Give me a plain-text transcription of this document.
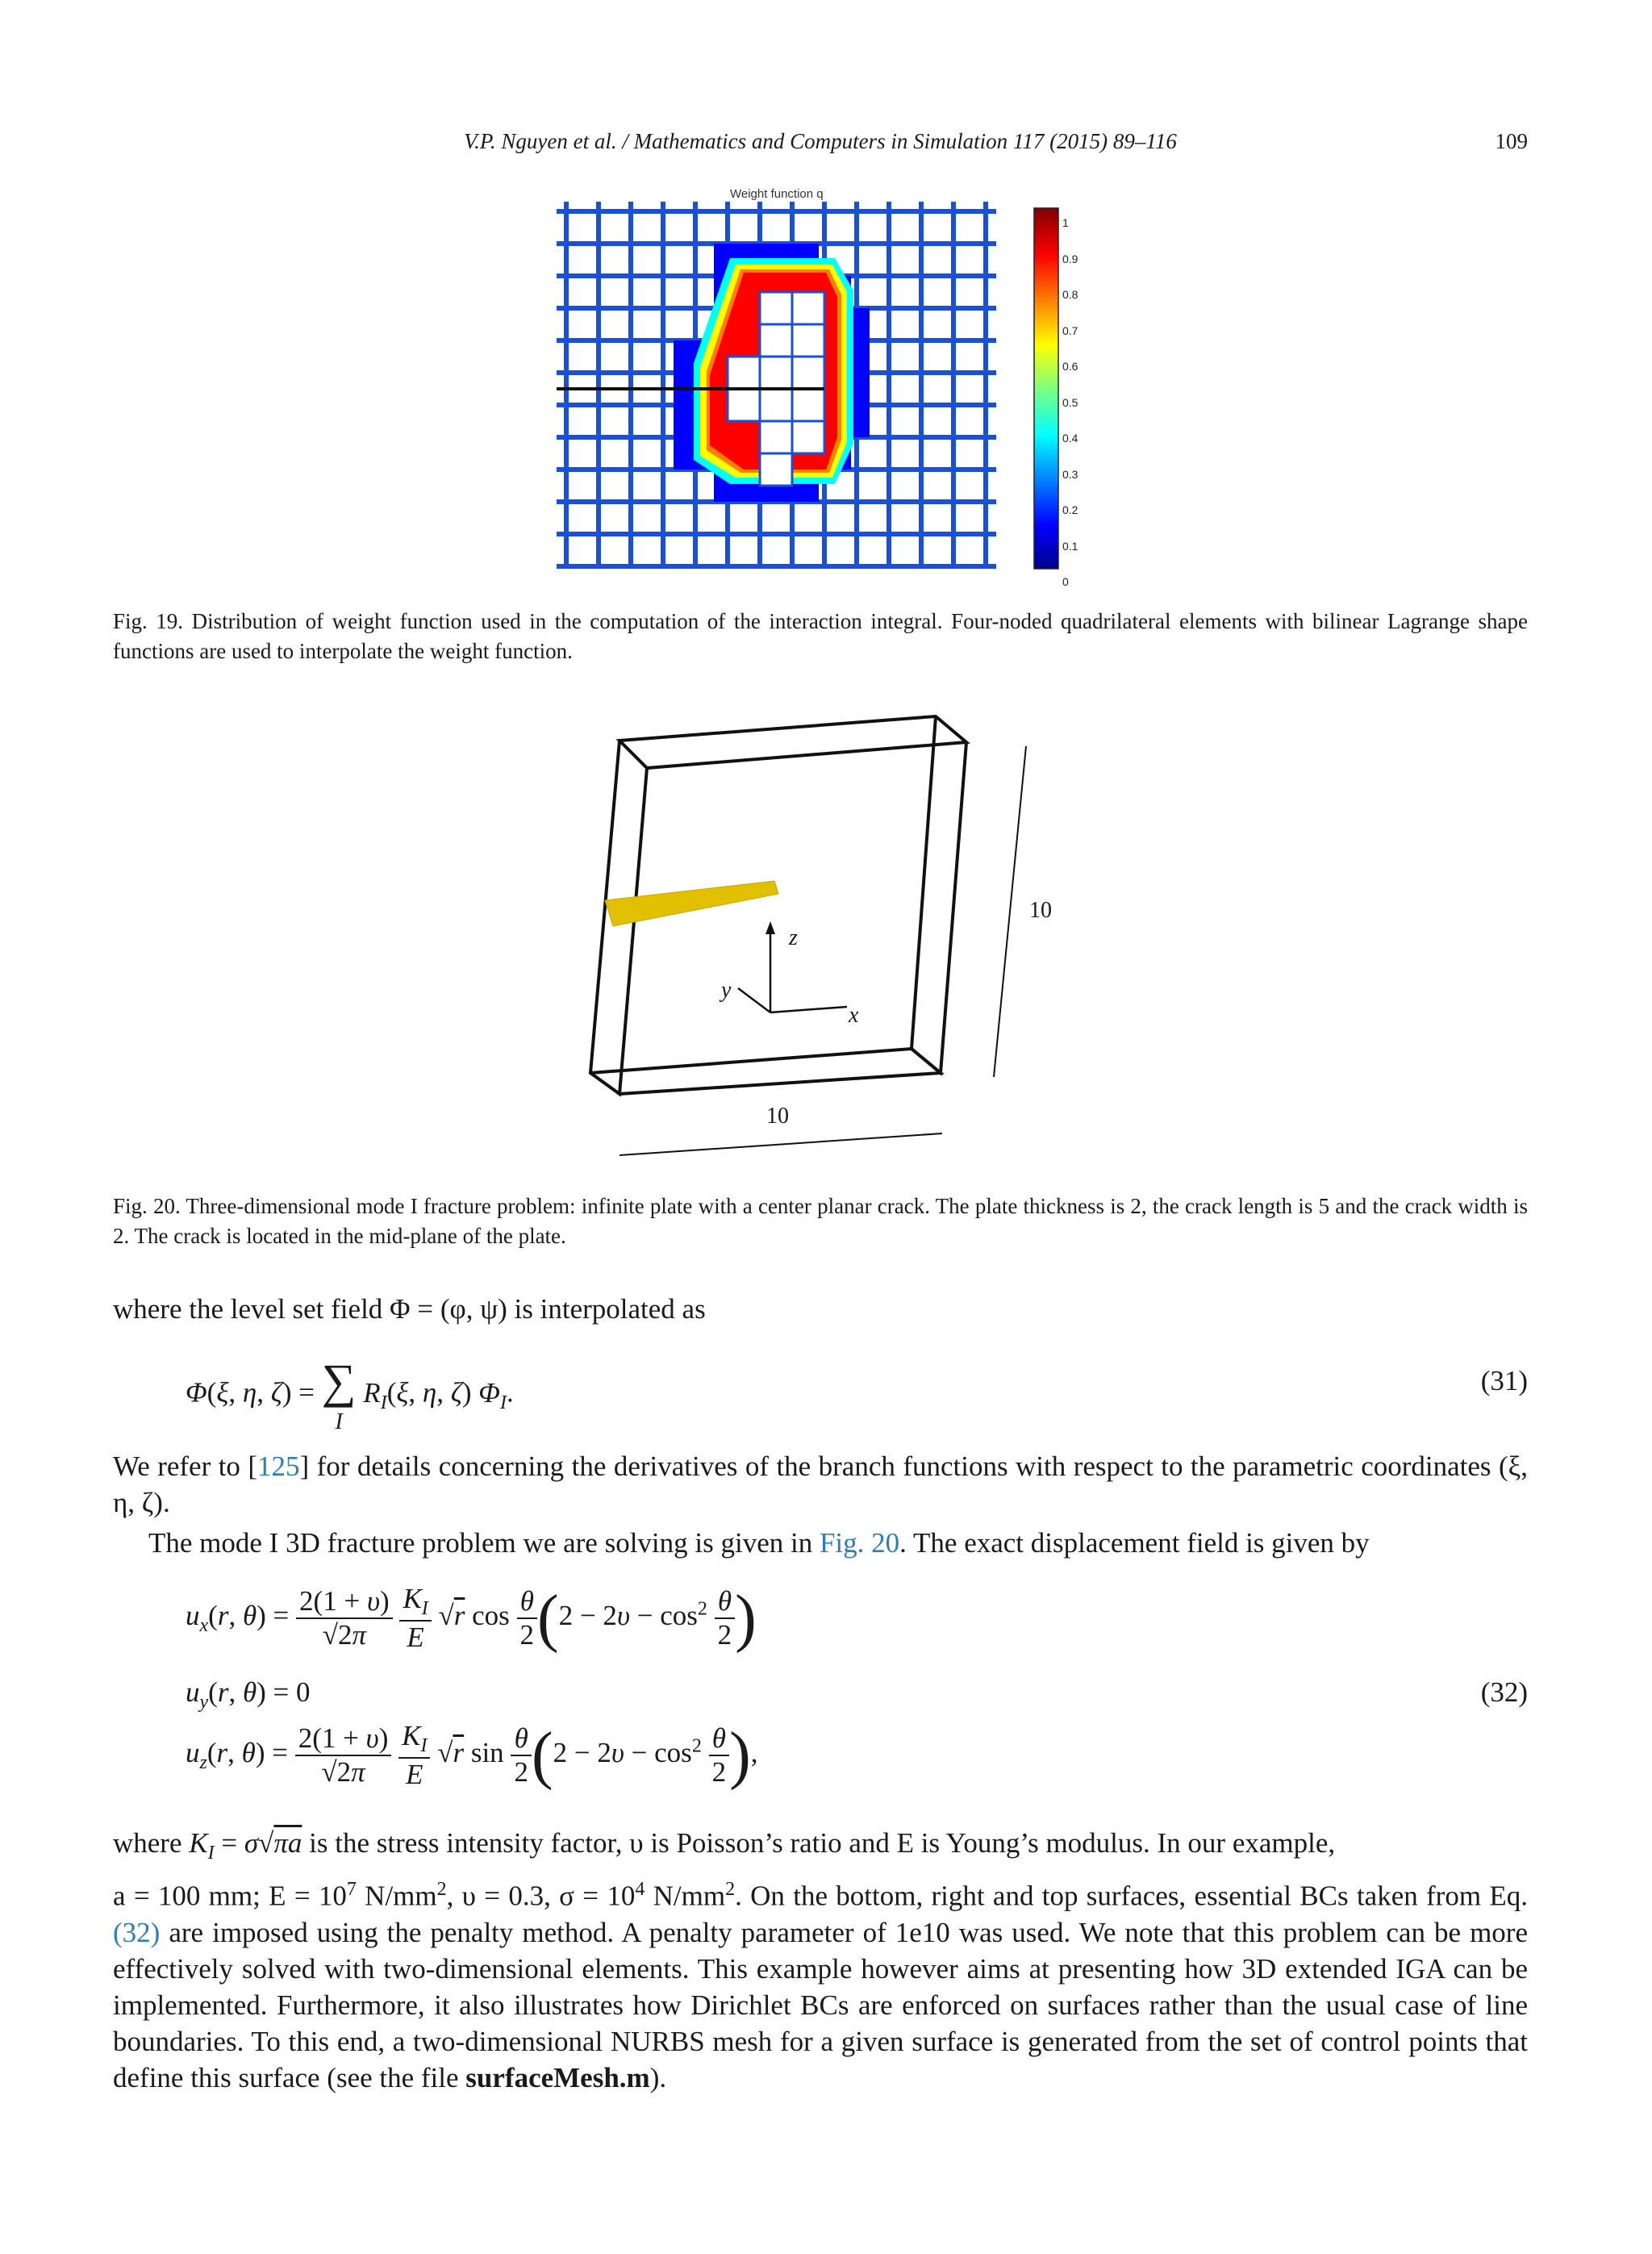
V.P. Nguyen et al. / Mathematics and Computers in Simulation 117 (2015) 89–116	109
Weight function q
1
0.9
0.8
0.7
0.6
0.5
0.4
0.3
0.2
0.1
0
Fig. 19. Distribution of weight function used in the computation of the interaction integral. Four-noded quadrilateral elements with bilinear Lagrange shape functions are used to interpolate the weight function.
z
y
x
10
10
Fig. 20. Three-dimensional mode I fracture problem: infinite plate with a center planar crack. The plate thickness is 2, the crack length is 5 and the crack width is 2. The crack is located in the mid-plane of the plate.
where the level set field Φ = (φ, ψ) is interpolated as
Φ(ξ, η, ζ) = ∑
I $R_I(\xi$, η, ζ) $\Phi_I$.	(31)
We refer to [125] for details concerning the derivatives of the branch functions with respect to the parametric coordinates (ξ, η, ζ).
The mode I 3D fracture problem we are solving is given in Fig. 20. The exact displacement field is given by
$u_x(r$, $\theta) = \frac{2(1 + \upsilon)}{√2\pi}$
$\frac{K_I}{E} √r$ $\cos \frac{\theta}{2} (2 - 2\upsilon - \cos^2 \frac{\theta}{2}$ )
$u_y(r$, θ) = 0	(32)
$u_z(r$, $\theta) = \frac{2(1 + \upsilon)}{√2\pi}$
$\frac{K_I}{E} √r$ $\sin \frac{\theta}{2} (2 - 2\upsilon - \cos^2 \frac{\theta}{2}$ ),
where $K_I = \sigma√\pi a$ is the stress intensity factor, υ is Poisson’s ratio and E is Young’s modulus. In our example,
a = 100 mm; $E = 10^7$ $N/mm^2$, υ = 0.3, $\sigma = 10^4$ $N/mm^2$. On the bottom, right and top surfaces, essential BCs taken from Eq. (32) are imposed using the penalty method. A penalty parameter of 1e10 was used. We note that this problem can be more effectively solved with two-dimensional elements. This example however aims at presenting how 3D extended IGA can be implemented. Furthermore, it also illustrates how Dirichlet BCs are enforced on surfaces rather than the usual case of line boundaries. To this end, a two-dimensional NURBS mesh for a given surface is generated from the set of control points that define this surface (see the file surfaceMesh.m).
